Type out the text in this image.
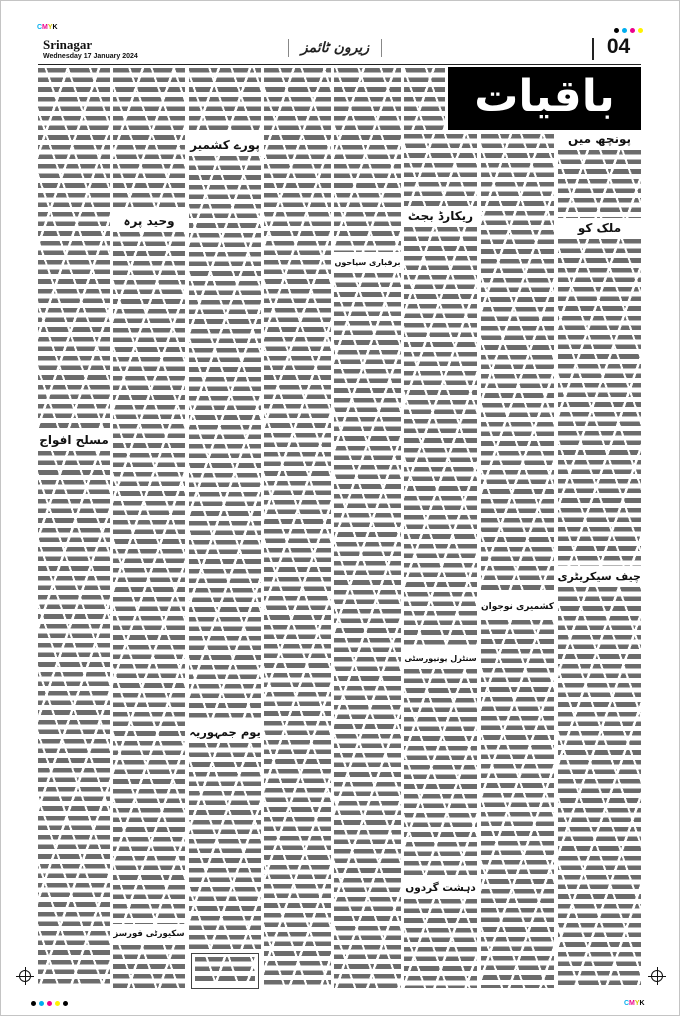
CMYK
CMYK
Srinagar
Wednesday 17 January 2024
زیرون ٹائمز	04
باقیات
پونچھ میں
ملک کو
چیف سیکریٹری
کشمیری نوجوان
ریکارڈ بجٹ
سنٹرل یونیورسٹی
دہشت گردوں
برفباری سیاحوں
پورے کشمیر
یوم جمہوریہ
وحید پرہ
سکیورٹی فورسز
مسلح افواج
